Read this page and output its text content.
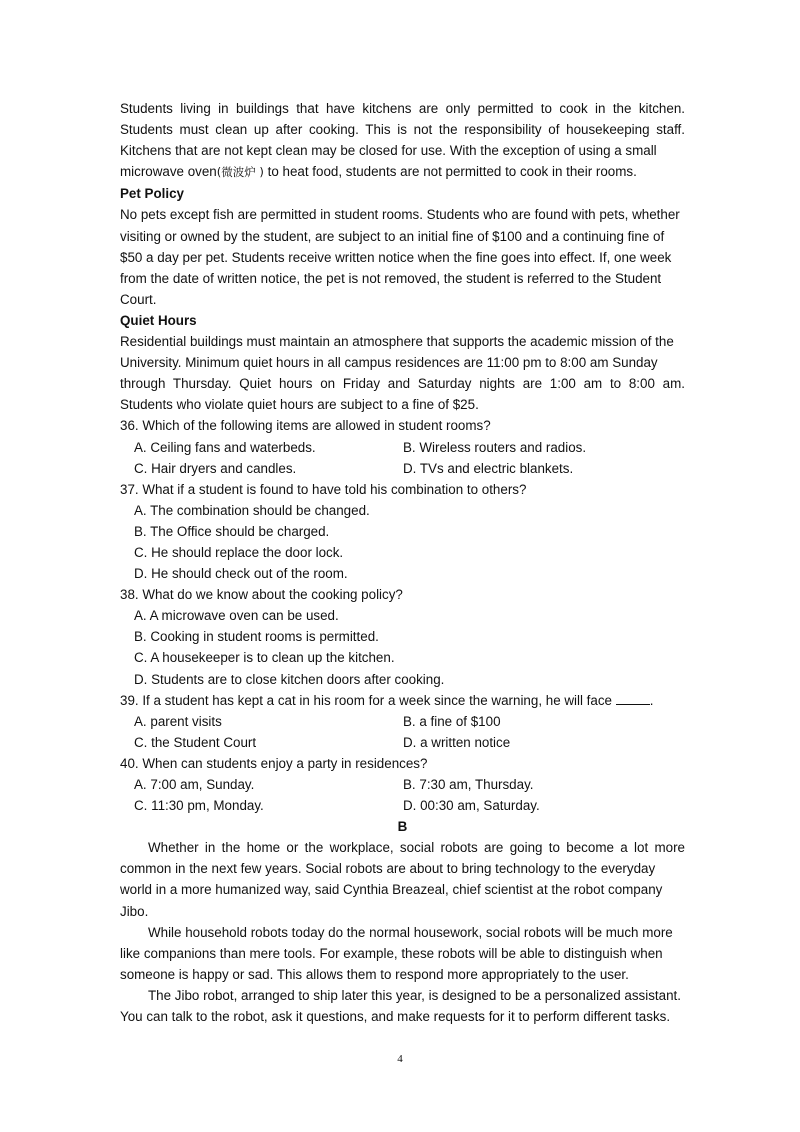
Students living in buildings that have kitchens are only permitted to cook in the kitchen.

Students must clean up after cooking. This is not the responsibility of housekeeping staff.

Kitchens that are not kept clean may be closed for use. With the exception of using a small

microwave oven(微波炉 ) to heat food, students are not permitted to cook in their rooms.

Pet Policy

No pets except fish are permitted in student rooms. Students who are found with pets, whether

visiting or owned by the student, are subject to an initial fine of $100 and a continuing fine of

$50 a day per pet. Students receive written notice when the fine goes into effect. If, one week

from the date of written notice, the pet is not removed, the student is referred to the Student

Court.

Quiet Hours

Residential buildings must maintain an atmosphere that supports the academic mission of the

University. Minimum quiet hours in all campus residences are 11:00 pm to 8:00 am Sunday

through Thursday. Quiet hours on Friday and Saturday nights are 1:00 am to 8:00 am.

Students who violate quiet hours are subject to a fine of $25.

36. Which of the following items are allowed in student rooms?

A. Ceiling fans and waterbeds.	B. Wireless routers and radios.
C. Hair dryers and candles.	D. TVs and electric blankets.

37. What if a student is found to have told his combination to others?

A. The combination should be changed.

B. The Office should be charged.

C. He should replace the door lock.

D. He should check out of the room.

38. What do we know about the cooking policy?

A. A microwave oven can be used.

B. Cooking in student rooms is permitted.

C. A housekeeper is to clean up the kitchen.

D. Students are to close kitchen doors after cooking.

39. If a student has kept a cat in his room for a week since the warning, he will face	.

A. parent visits	B. a fine of $100
C. the Student Court	D. a written notice

40. When can students enjoy a party in residences?

A. 7:00 am, Sunday.	B. 7:30 am, Thursday.
C. 11:30 pm, Monday.	D. 00:30 am, Saturday.

B

Whether in the home or the workplace, social robots are going to become a lot more

common in the next few years. Social robots are about to bring technology to the everyday

world in a more humanized way, said Cynthia Breazeal, chief scientist at the robot company

Jibo.

While household robots today do the normal housework, social robots will be much more

like companions than mere tools. For example, these robots will be able to distinguish when

someone is happy or sad. This allows them to respond more appropriately to the user.

The Jibo robot, arranged to ship later this year, is designed to be a personalized assistant.

You can talk to the robot, ask it questions, and make requests for it to perform different tasks.

4
